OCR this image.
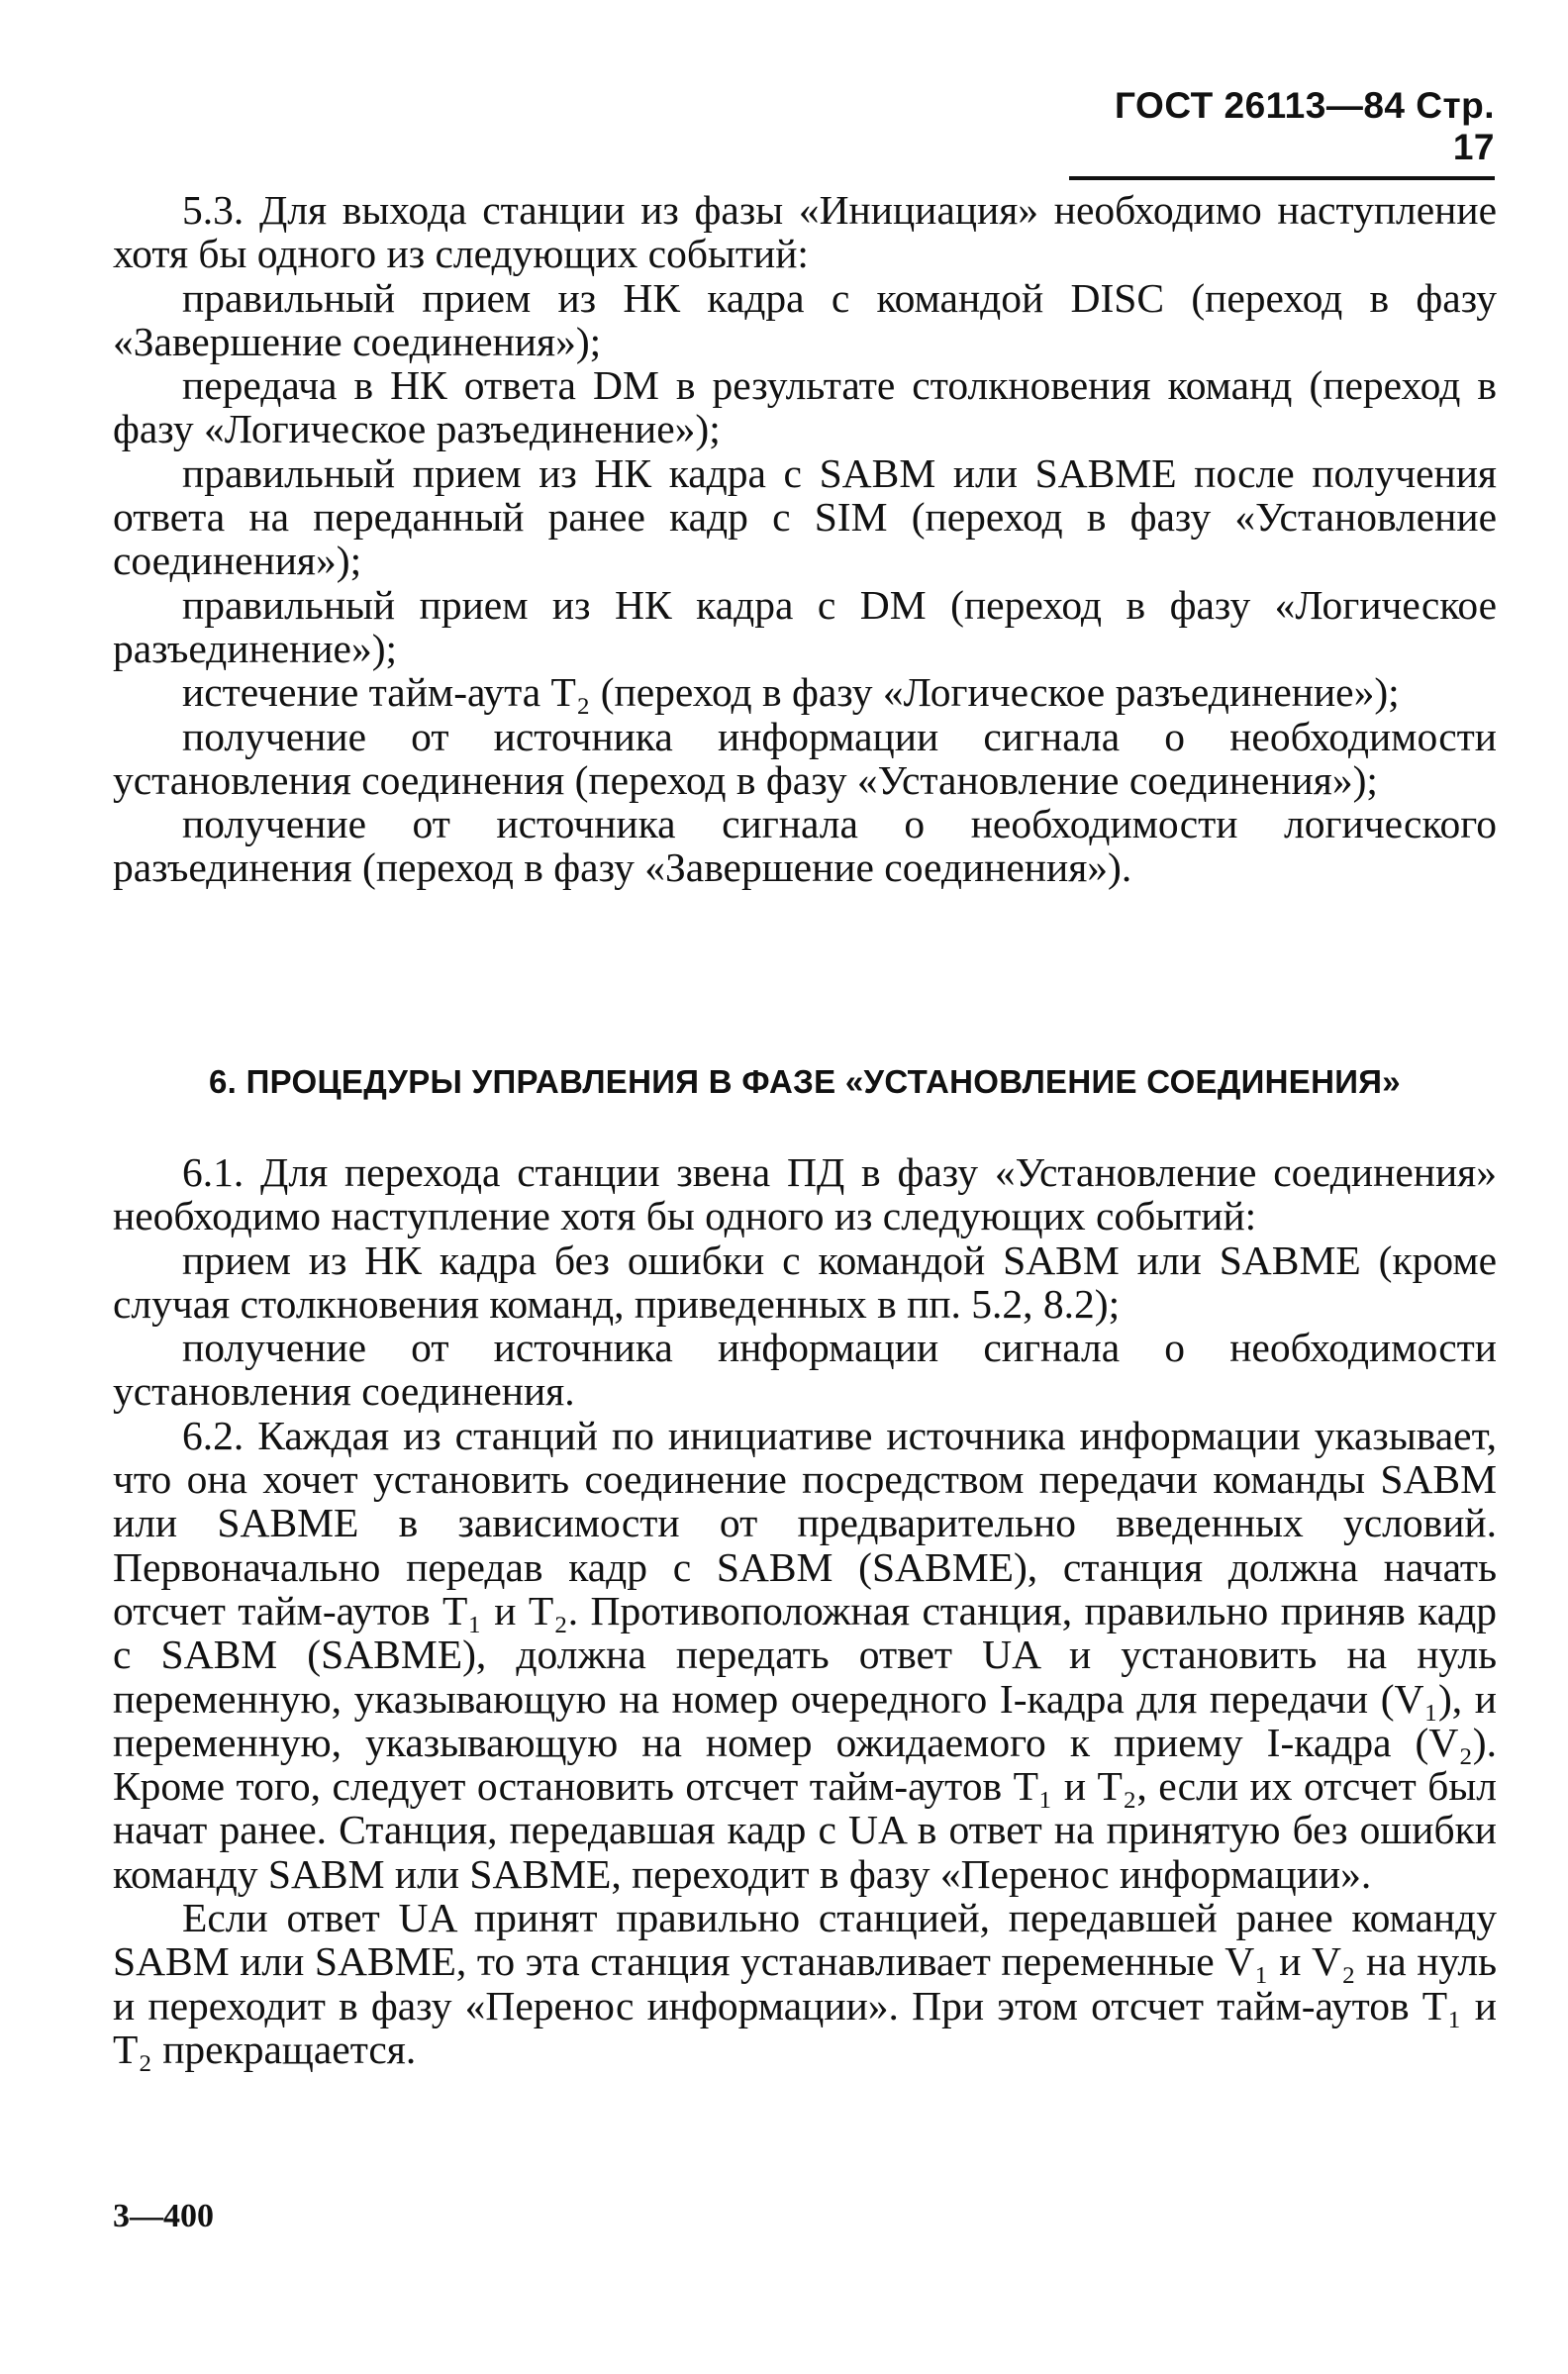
ГОСТ 26113—84 Стр. 17

5.3. Для выхода станции из фазы «Инициация» необходимо наступление хотя бы одного из следующих событий:

правильный прием из НК кадра с командой DISC (переход в фазу «Завершение соединения»);

передача в НК ответа DM в результате столкновения команд (переход в фазу «Логическое разъединение»);

правильный прием из НК кадра с SABM или SABME после получения ответа на переданный ранее кадр с SIM (переход в фазу «Установление соединения»);

правильный прием из НК кадра с DM (переход в фазу «Логическое разъединение»);

истечение тайм-аута T₂ (переход в фазу «Логическое разъединение»);

получение от источника информации сигнала о необходимости установления соединения (переход в фазу «Установление соединения»);

получение от источника сигнала о необходимости логического разъединения (переход в фазу «Завершение соединения»).

6. ПРОЦЕДУРЫ УПРАВЛЕНИЯ В ФАЗЕ «УСТАНОВЛЕНИЕ СОЕДИНЕНИЯ»

6.1. Для перехода станции звена ПД в фазу «Установление соединения» необходимо наступление хотя бы одного из следующих событий:

прием из НК кадра без ошибки с командой SABM или SABME (кроме случая столкновения команд, приведенных в пп. 5.2, 8.2);

получение от источника информации сигнала о необходимости установления соединения.

6.2. Каждая из станций по инициативе источника информации указывает, что она хочет установить соединение посредством передачи команды SABM или SABME в зависимости от предварительно введенных условий. Первоначально передав кадр с SABM (SABME), станция должна начать отсчет тайм-аутов T₁ и T₂. Противоположная станция, правильно приняв кадр с SABM (SABME), должна передать ответ UA и установить на нуль переменную, указывающую на номер очередного I-кадра для передачи (V₁), и переменную, указывающую на номер ожидаемого к приему I-кадра (V₂). Кроме того, следует остановить отсчет тайм-аутов T₁ и T₂, если их отсчет был начат ранее. Станция, передавшая кадр с UA в ответ на принятую без ошибки команду SABM или SABME, переходит в фазу «Перенос информации».

Если ответ UA принят правильно станцией, передавшей ранее команду SABM или SABME, то эта станция устанавливает переменные V₁ и V₂ на нуль и переходит в фазу «Перенос информации». При этом отсчет тайм-аутов T₁ и T₂ прекращается.

3—400
